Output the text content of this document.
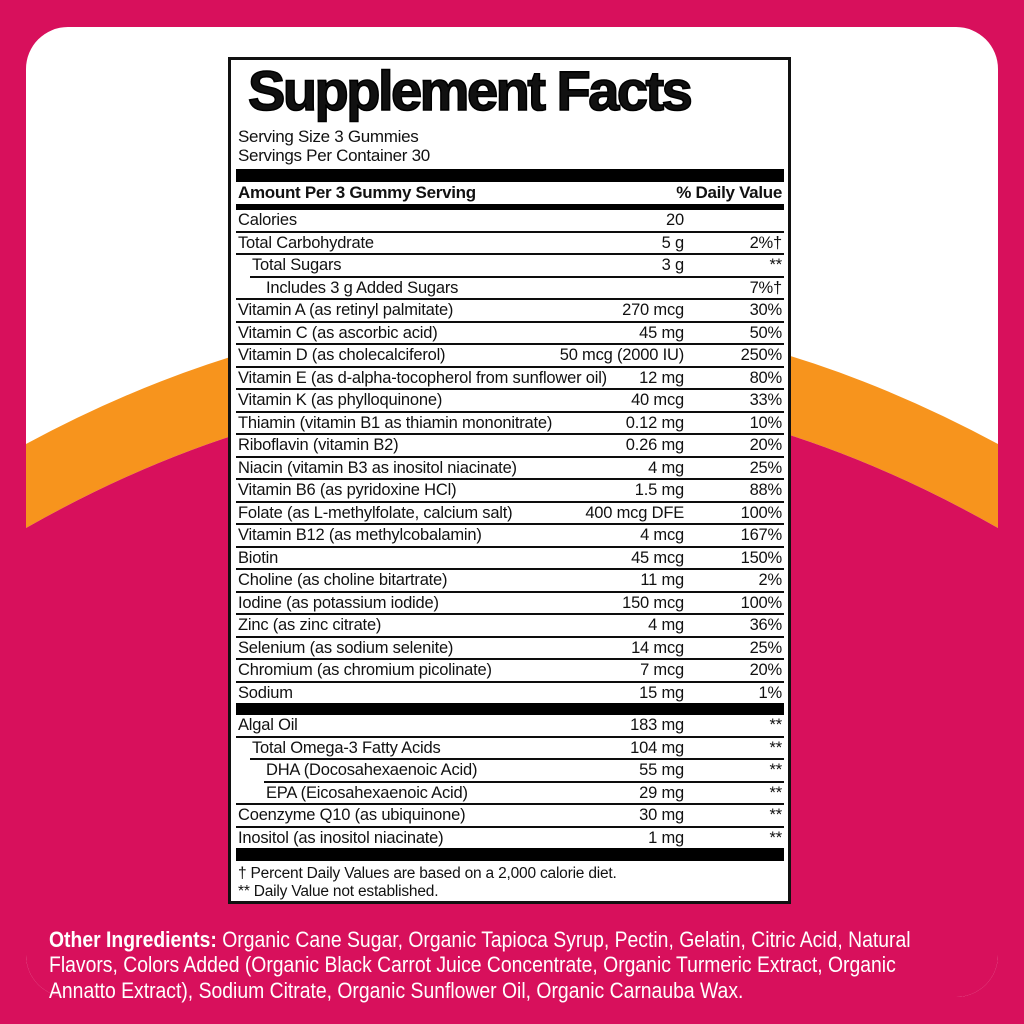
Supplement Facts
Serving Size 3 Gummies
Servings Per Container 30
Amount Per 3 Gummy Serving	% Daily Value
Calories	20
Total Carbohydrate	5 g	2%†
Total Sugars	3 g	**
Includes 3 g Added Sugars	7%†
Vitamin A (as retinyl palmitate)	270 mcg	30%
Vitamin C (as ascorbic acid)	45 mg	50%
Vitamin D (as cholecalciferol)	50 mcg (2000 IU)	250%
Vitamin E (as d-alpha-tocopherol from sunflower oil) 12 mg	80%
Vitamin K (as phylloquinone)	40 mcg	33%
Thiamin (vitamin B1 as thiamin mononitrate)	0.12 mg	10%
Riboflavin (vitamin B2)	0.26 mg	20%
Niacin (vitamin B3 as inositol niacinate)	4 mg	25%
Vitamin B6 (as pyridoxine HCl)	1.5 mg	88%
Folate (as L-methylfolate, calcium salt)	400 mcg DFE	100%
Vitamin B12 (as methylcobalamin)	4 mcg	167%
Biotin	45 mcg	150%
Choline (as choline bitartrate)	11 mg	2%
Iodine (as potassium iodide)	150 mcg	100%
Zinc (as zinc citrate)	4 mg	36%
Selenium (as sodium selenite)	14 mcg	25%
Chromium (as chromium picolinate)	7 mcg	20%
Sodium	15 mg	1%
Algal Oil	183 mg	**
Total Omega-3 Fatty Acids	104 mg	**
DHA (Docosahexaenoic Acid)	55 mg	**
EPA (Eicosahexaenoic Acid)	29 mg	**
Coenzyme Q10 (as ubiquinone)	30 mg	**
Inositol (as inositol niacinate)	1 mg	**
† Percent Daily Values are based on a 2,000 calorie diet.
** Daily Value not established.
Other Ingredients: Organic Cane Sugar, Organic Tapioca Syrup, Pectin, Gelatin, Citric Acid, Natural
Flavors, Colors Added (Organic Black Carrot Juice Concentrate, Organic Turmeric Extract, Organic
Annatto Extract), Sodium Citrate, Organic Sunflower Oil, Organic Carnauba Wax.
